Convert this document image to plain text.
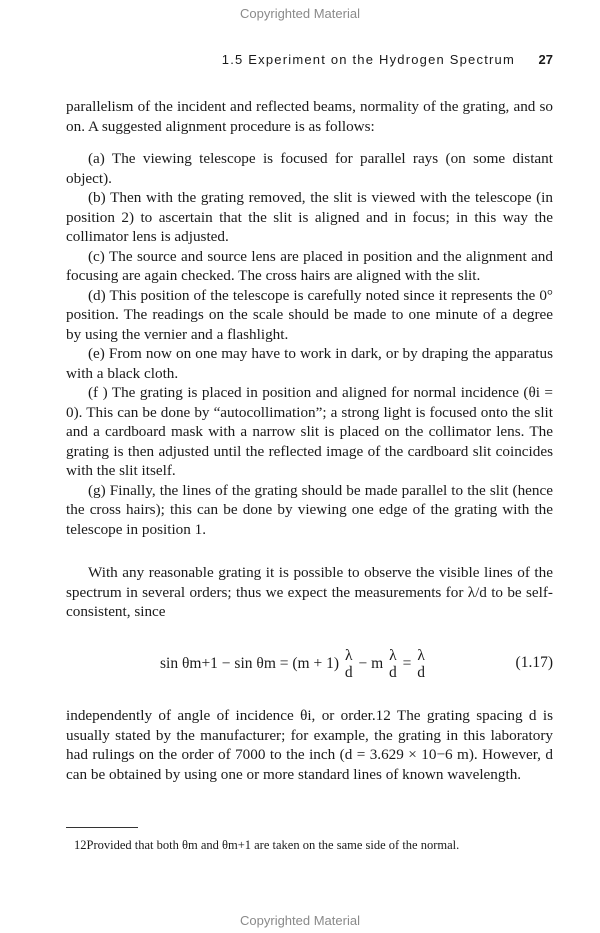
Copyrighted Material
1.5 Experiment on the Hydrogen Spectrum 27

parallelism of the incident and reflected beams, normality of the grating, and so on. A suggested alignment procedure is as follows:

(a) The viewing telescope is focused for parallel rays (on some distant object).

(b) Then with the grating removed, the slit is viewed with the telescope (in position 2) to ascertain that the slit is aligned and in focus; in this way the collimator lens is adjusted.

(c) The source and source lens are placed in position and the alignment and focusing are again checked. The cross hairs are aligned with the slit.

(d) This position of the telescope is carefully noted since it represents the 0° position. The readings on the scale should be made to one minute of a degree by using the vernier and a flashlight.

(e) From now on one may have to work in dark, or by draping the apparatus with a black cloth.

(f ) The grating is placed in position and aligned for normal incidence (θi = 0). This can be done by “autocollimation”; a strong light is focused onto the slit and a cardboard mask with a narrow slit is placed on the collimator lens. The grating is then adjusted until the reflected image of the cardboard slit coincides with the slit itself.

(g) Finally, the lines of the grating should be made parallel to the slit (hence the cross hairs); this can be done by viewing one edge of the grating with the telescope in position 1.

With any reasonable grating it is possible to observe the visible lines of the spectrum in several orders; thus we expect the measurements for λ/d to be self-consistent, since

sin θm+1 − sin θm = (m + 1) λ
d
− m λ
d
= λ
d
(1.17)

independently of angle of incidence θi, or order.12 The grating spacing d is usually stated by the manufacturer; for example, the grating in this laboratory had rulings on the order of 7000 to the inch (d = 3.629 × 10−6 m). However, d can be obtained by using one or more standard lines of known wavelength.

12Provided that both θm and θm+1 are taken on the same side of the normal.

Copyrighted Material
